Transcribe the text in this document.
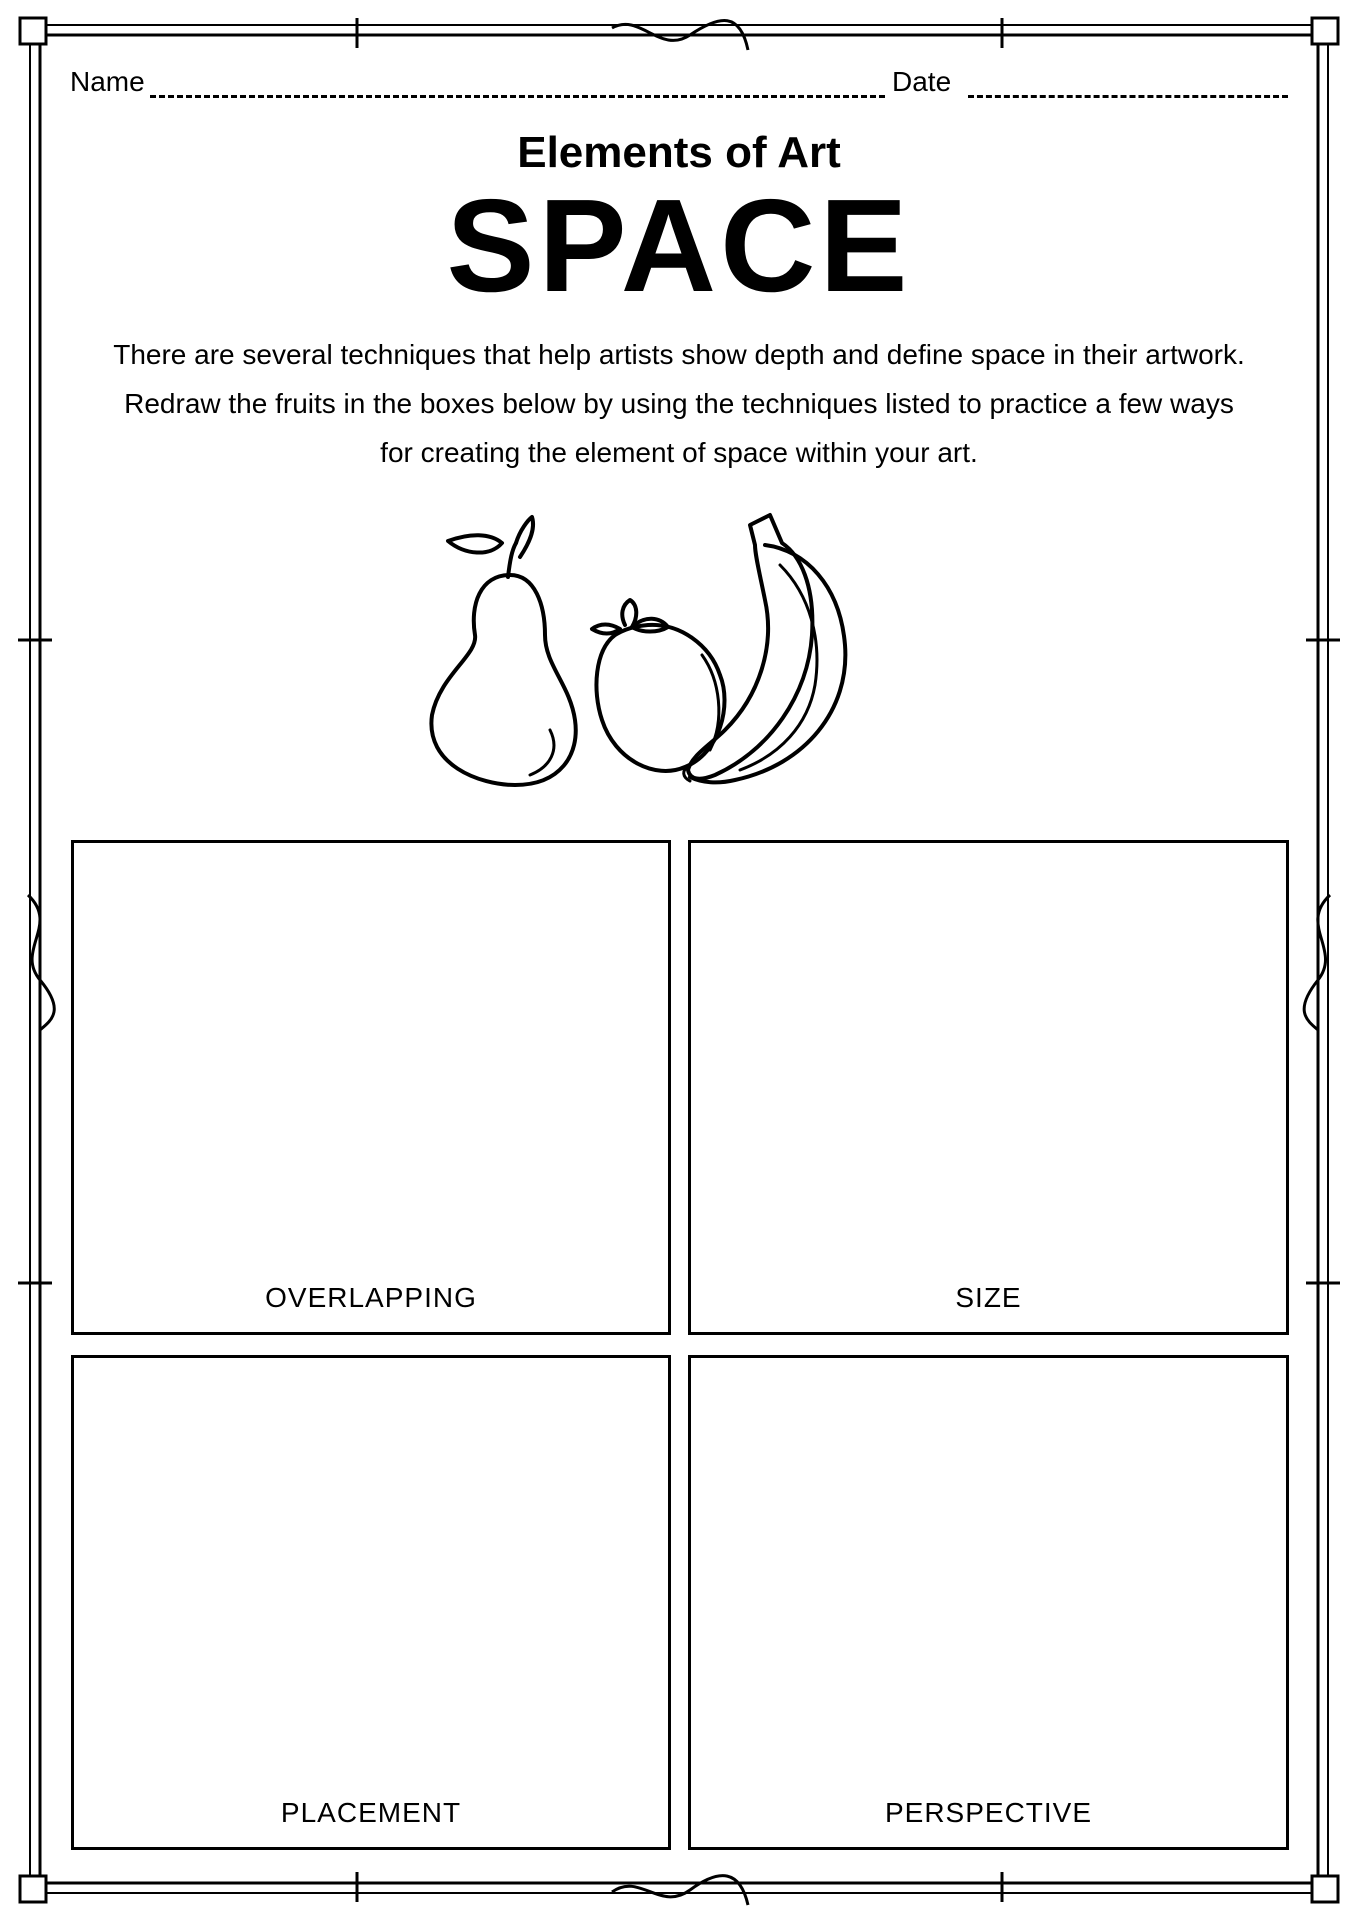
Name	Date
Elements of Art
SPACE
There are several techniques that help artists show depth and define space in their artwork.
Redraw the fruits in the boxes below by using the techniques listed to practice a few ways
for creating the element of space within your art.
OVERLAPPING	SIZE
PLACEMENT	PERSPECTIVE
